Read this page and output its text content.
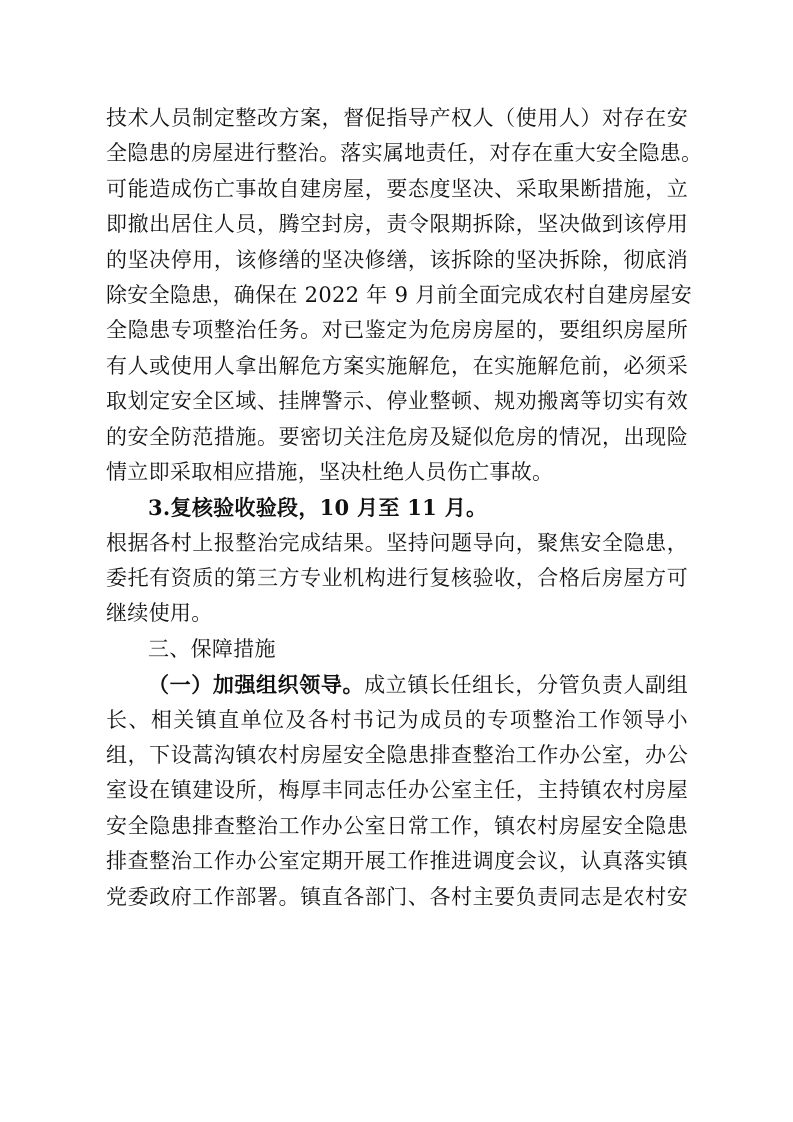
技术人员制定整改方案，督促指导产权人（使用人）对存在安
全隐患的房屋进行整治。落实属地责任，对存在重大安全隐患。
可能造成伤亡事故自建房屋，要态度坚决、采取果断措施，立
即撤出居住人员，腾空封房，责令限期拆除，坚决做到该停用
的坚决停用，该修缮的坚决修缮，该拆除的坚决拆除，彻底消
除安全隐患，确保在 2022 年 9 月前全面完成农村自建房屋安
全隐患专项整治任务。对已鉴定为危房房屋的，要组织房屋所
有人或使用人拿出解危方案实施解危，在实施解危前，必须采
取划定安全区域、挂牌警示、停业整顿、规劝搬离等切实有效
的安全防范措施。要密切关注危房及疑似危房的情况，出现险
情立即采取相应措施，坚决杜绝人员伤亡事故。
3.复核验收验段，10 月至 11 月。
根据各村上报整治完成结果。坚持问题导向，聚焦安全隐患，
委托有资质的第三方专业机构进行复核验收，合格后房屋方可
继续使用。
三、保障措施
（一）加强组织领导。成立镇长任组长，分管负责人副组
长、相关镇直单位及各村书记为成员的专项整治工作领导小
组，下设蒿沟镇农村房屋安全隐患排查整治工作办公室，办公
室设在镇建设所，梅厚丰同志任办公室主任，主持镇农村房屋
安全隐患排查整治工作办公室日常工作，镇农村房屋安全隐患
排查整治工作办公室定期开展工作推进调度会议，认真落实镇
党委政府工作部署。镇直各部门、各村主要负责同志是农村安
